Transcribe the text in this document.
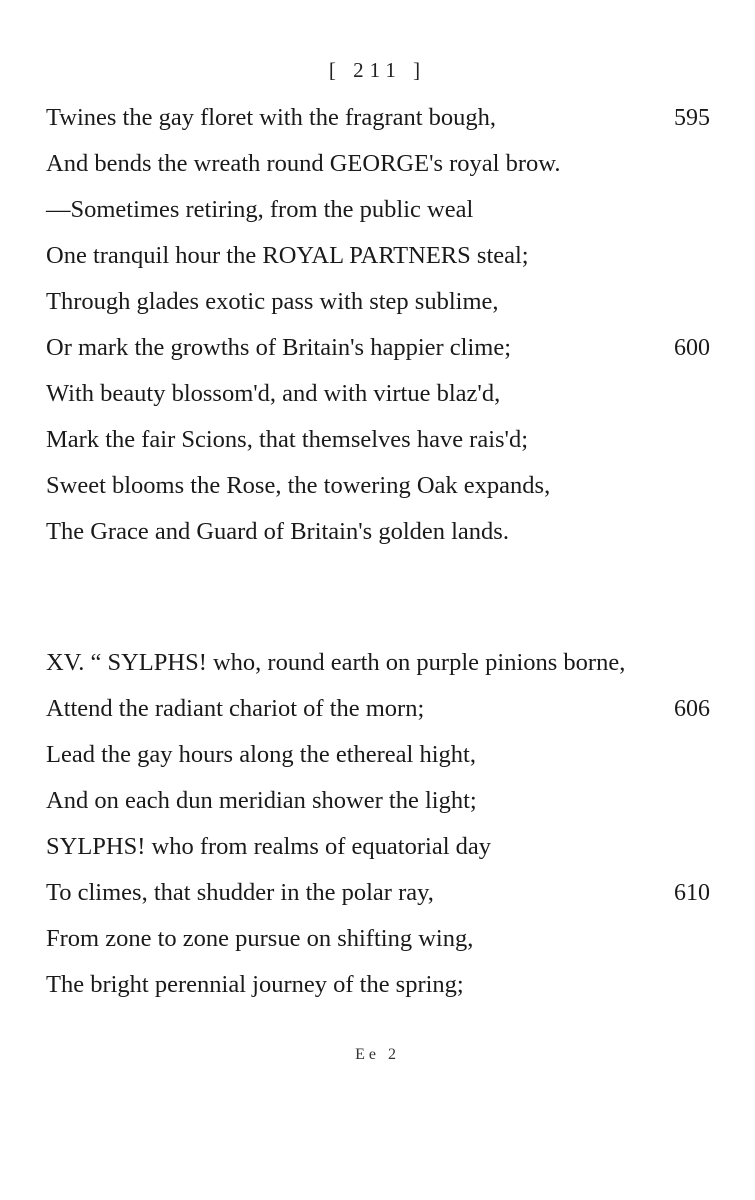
[ 211 ]
Twines the gay floret with the fragrant bough,	595
And bends the wreath round GEORGE's royal brow.
—Sometimes retiring, from the public weal
One tranquil hour the ROYAL PARTNERS steal;
Through glades exotic pass with step sublime,
Or mark the growths of Britain's happier clime;	600
With beauty blossom'd, and with virtue blaz'd,
Mark the fair Scions, that themselves have rais'd;
Sweet blooms the Rose, the towering Oak expands,
The Grace and Guard of Britain's golden lands.
XV. “ SYLPHS! who, round earth on purple pinions borne,
Attend the radiant chariot of the morn;	606
Lead the gay hours along the ethereal hight,
And on each dun meridian shower the light;
SYLPHS! who from realms of equatorial day
To climes, that shudder in the polar ray,	610
From zone to zone pursue on shifting wing,
The bright perennial journey of the spring;
Ee 2
